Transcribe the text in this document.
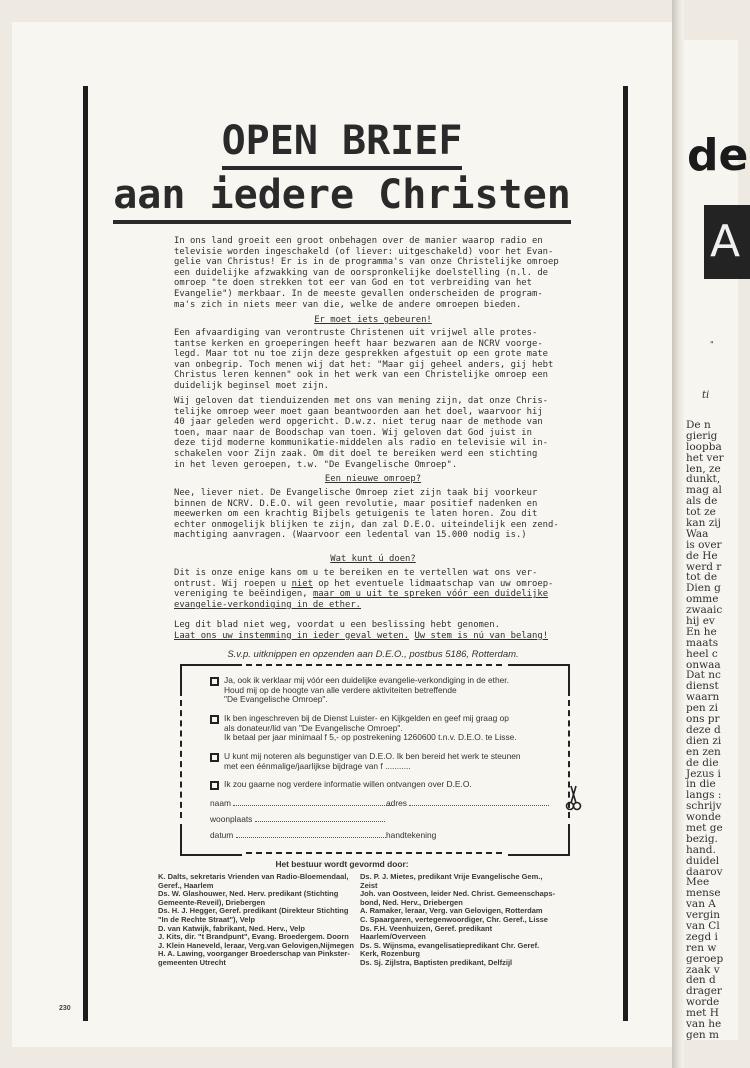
OPEN BRIEF
aan iedere Christen

In ons land groeit een groot onbehagen over de manier waarop radio en

televisie worden ingeschakeld (of liever: uitgeschakeld) voor het Evan-

gelie van Christus! Er is in de programma's van onze Christelijke omroep

een duidelijke afzwakking van de oorspronkelijke doelstelling (n.l. de

omroep "te doen strekken tot eer van God en tot verbreiding van het

Evangelie") merkbaar. In de meeste gevallen onderscheiden de program-

ma's zich in niets meer van die, welke de andere omroepen bieden.

Er moet iets gebeuren!

Een afvaardiging van verontruste Christenen uit vrijwel alle protes-

tantse kerken en groeperingen heeft haar bezwaren aan de NCRV voorge-

legd. Maar tot nu toe zijn deze gesprekken afgestuit op een grote mate

van onbegrip. Toch menen wij dat het: "Maar gij geheel anders, gij hebt

Christus leren kennen" ook in het werk van een Christelijke omroep een

duidelijk beginsel moet zijn.

Wij geloven dat tienduizenden met ons van mening zijn, dat onze Chris-

telijke omroep weer moet gaan beantwoorden aan het doel, waarvoor hij

40 jaar geleden werd opgericht. D.w.z. niet terug naar de methode van

toen, maar naar de Boodschap van toen. Wij geloven dat God juist in

deze tijd moderne kommunikatie-middelen als radio en televisie wil in-

schakelen voor Zijn zaak. Om dit doel te bereiken werd een stichting

in het leven geroepen, t.w. "De Evangelische Omroep".

Een nieuwe omroep?

Nee, liever niet. De Evangelische Omroep ziet zijn taak bij voorkeur

binnen de NCRV. D.E.O. wil geen revolutie, maar positief nadenken en

meewerken om een krachtig Bijbels getuigenis te laten horen. Zou dit

echter onmogelijk blijken te zijn, dan zal D.E.O. uiteindelijk een zend-

machtiging aanvragen. (Waarvoor een ledental van 15.000 nodig is.)

Wat kunt ú doen?

Dit is onze enige kans om u te bereiken en te vertellen wat ons ver-

ontrust. Wij roepen u niet op het eventuele lidmaatschap van uw omroep-

vereniging te beëindigen, maar om u uit te spreken vóór een duidelijke

evangelie-verkondiging in de ether.

Leg dit blad niet weg, voordat u een beslissing hebt genomen.

Laat ons uw instemming in ieder geval weten. Uw stem is nú van belang!

S.v.p. uitknippen en opzenden aan D.E.O., postbus 5186, Rotterdam.
Ja, ook ik verklaar mij vóór een duidelijke evangelie-verkondiging in de ether.
Houd mij op de hoogte van alle verdere aktiviteiten betreffende
"De Evangelische Omroep".
Ik ben ingeschreven bij de Dienst Luister- en Kijkgelden en geef mij graag op
als donateur/lid van "De Evangelische Omroep".
Ik betaal per jaar minimaal f 5,- op postrekening 1260600 t.n.v. D.E.O. te Lisse.
U kunt mij noteren als begunstiger van D.E.O. Ik ben bereid het werk te steunen
met een éénmalige/jaarlijkse bijdrage van f ...........
Ik zou gaarne nog verdere informatie willen ontvangen over D.E.O.
naam	adres
woonplaats
datum	handtekening
Het bestuur wordt gevormd door:
K. Dalts, sekretaris Vrienden van Radio-Bloemendaal,
Geref., Haarlem
Ds. W. Glashouwer, Ned. Herv. predikant (Stichting
Gemeente-Reveil), Driebergen
Ds. H. J. Hegger, Geref. predikant (Direkteur Stichting
"In de Rechte Straat"), Velp
D. van Katwijk, fabrikant, Ned. Herv., Velp
J. Kits, dir. "t Brandpunt", Evang. Broedergem. Doorn
J. Klein Haneveld, leraar, Verg.van Gelovigen,Nijmegen
H. A. Lawing, voorganger Broederschap van Pinkster-
gemeenten Utrecht
Ds. P. J. Mietes, predikant Vrije Evangelische Gem.,
Zeist
Joh. van Oostveen, leider Ned. Christ. Gemeenschaps-
bond, Ned. Herv., Driebergen
A. Ramaker, leraar, Verg. van Gelovigen, Rotterdam
C. Spaargaren, vertegenwoordiger, Chr. Geref., Lisse
Ds. F.H. Veenhuizen, Geref. predikant
Haarlem/Overveen
Ds. S. Wijnsma, evangelisatiepredikant Chr. Geref.
Kerk, Rozenburg
Ds. Sj. Zijlstra, Baptisten predikant, Delfzijl
230
de
A
"
ti
De n
gierig
loopba
het ver
len, ze
dunkt,
mag al
als de
tot ze
kan zij
Waa
is over
de He
werd r
tot de
Dien g
omme
zwaaic
hij ev
En he
maats
heel c
onwaa
Dat nc
dienst
waarn
pen zi
ons pr
deze d
dien zi
en zen
de die
Jezus i
in die
langs :
schrijv
wonde
met ge
bezig.
hand.
duidel
daarov
Mee
mense
van A
vergin
van Cl
zegd i
ren w
geroep
zaak v
den d
drager
worde
met H
van he
gen m
